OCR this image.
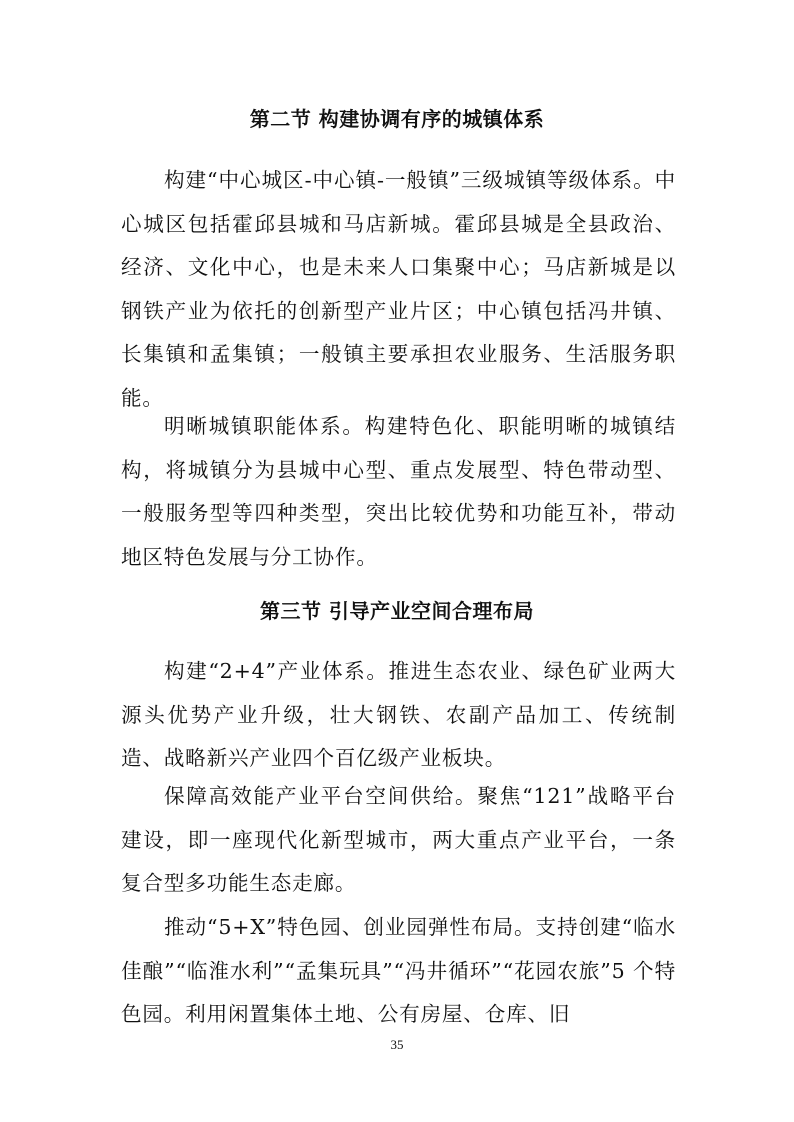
第二节 构建协调有序的城镇体系

构建“中心城区-中心镇-一般镇”三级城镇等级体系。中心城区包括霍邱县城和马店新城。霍邱县城是全县政治、经济、文化中心，也是未来人口集聚中心；马店新城是以钢铁产业为依托的创新型产业片区；中心镇包括冯井镇、长集镇和孟集镇；一般镇主要承担农业服务、生活服务职能。

明晰城镇职能体系。构建特色化、职能明晰的城镇结构，将城镇分为县城中心型、重点发展型、特色带动型、一般服务型等四种类型，突出比较优势和功能互补，带动地区特色发展与分工协作。

第三节 引导产业空间合理布局

构建“2+4”产业体系。推进生态农业、绿色矿业两大源头优势产业升级，壮大钢铁、农副产品加工、传统制造、战略新兴产业四个百亿级产业板块。

保障高效能产业平台空间供给。聚焦“121”战略平台建设，即一座现代化新型城市，两大重点产业平台，一条复合型多功能生态走廊。

推动“5+X”特色园、创业园弹性布局。支持创建“临水佳酿”“临淮水利”“孟集玩具”“冯井循环”“花园农旅”5 个特色园。利用闲置集体土地、公有房屋、仓库、旧

35
